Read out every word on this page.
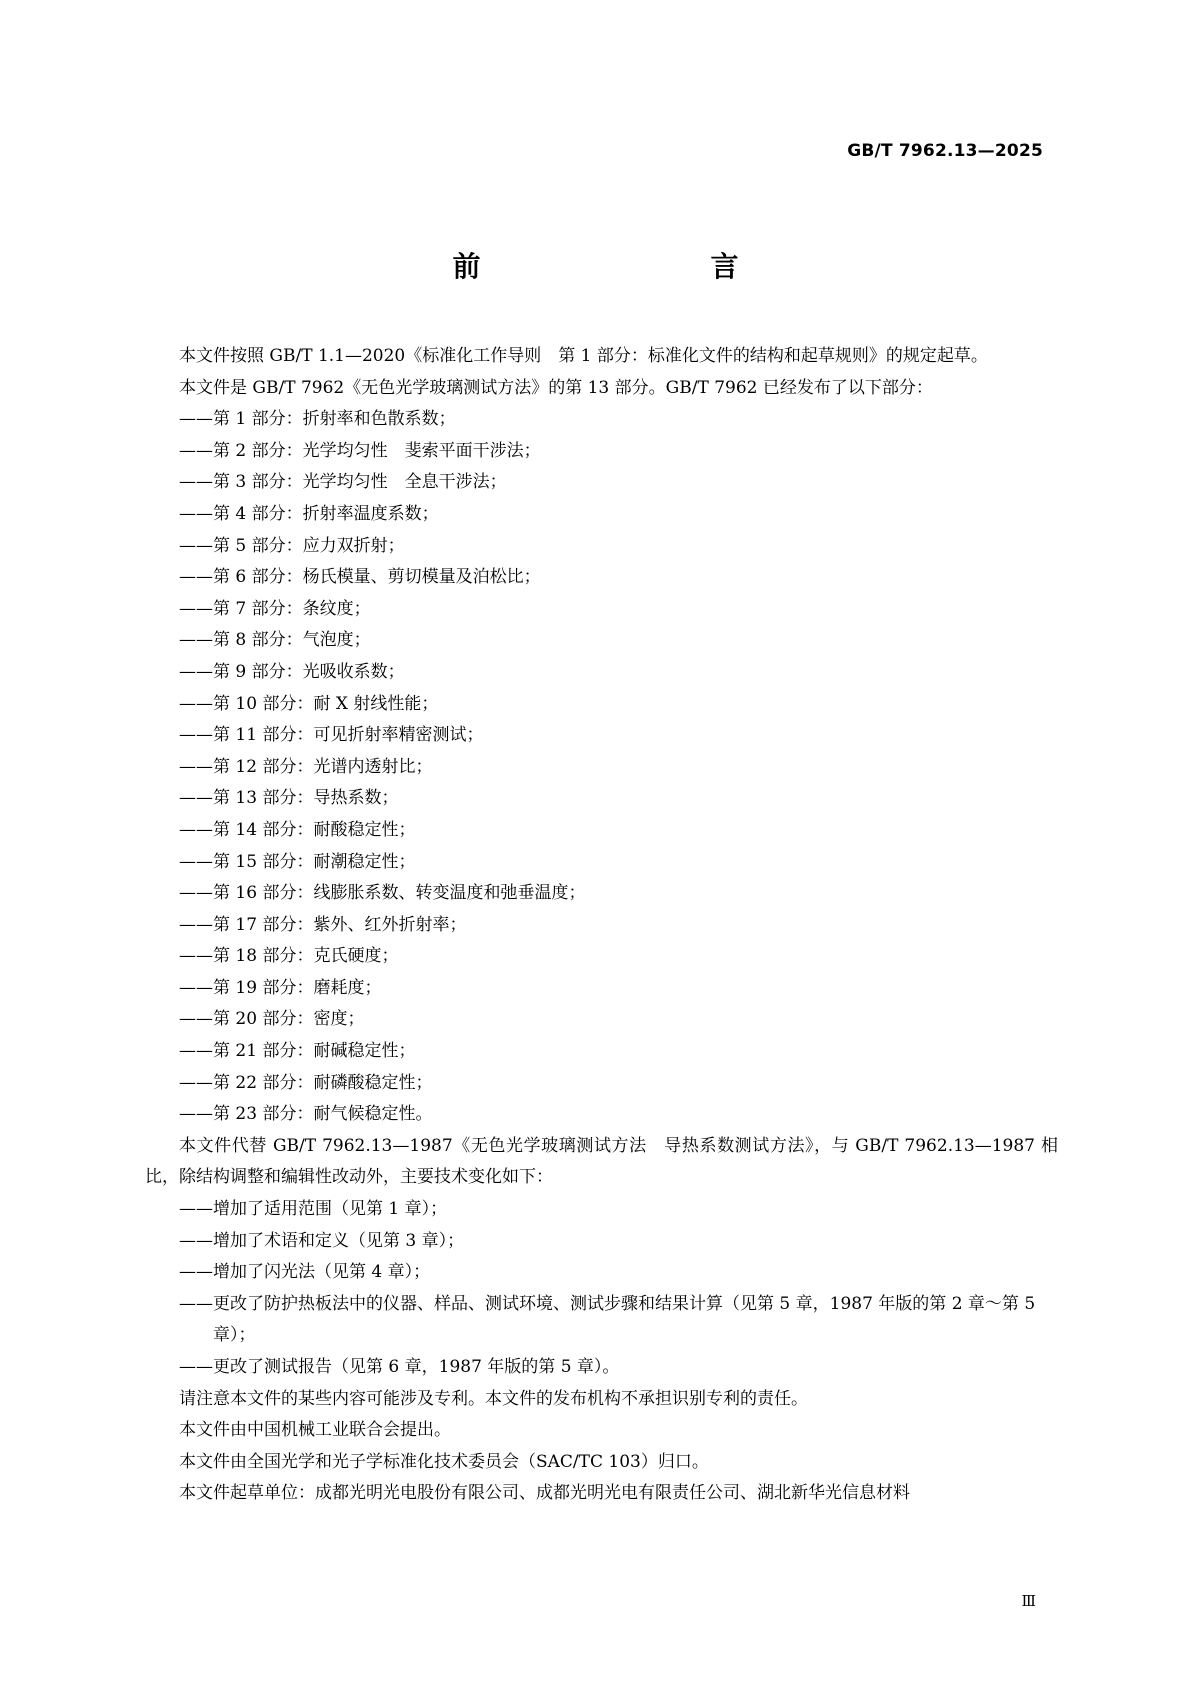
GB/T 7962.13—2025
前　　言

本文件按照 GB/T 1.1—2020《标准化工作导则　第 1 部分：标准化文件的结构和起草规则》的规定起草。

本文件是 GB/T 7962《无色光学玻璃测试方法》的第 13 部分。GB/T 7962 已经发布了以下部分：

——第 1 部分：折射率和色散系数；

——第 2 部分：光学均匀性　斐索平面干涉法；

——第 3 部分：光学均匀性　全息干涉法；

——第 4 部分：折射率温度系数；

——第 5 部分：应力双折射；

——第 6 部分：杨氏模量、剪切模量及泊松比；

——第 7 部分：条纹度；

——第 8 部分：气泡度；

——第 9 部分：光吸收系数；

——第 10 部分：耐 X 射线性能；

——第 11 部分：可见折射率精密测试；

——第 12 部分：光谱内透射比；

——第 13 部分：导热系数；

——第 14 部分：耐酸稳定性；

——第 15 部分：耐潮稳定性；

——第 16 部分：线膨胀系数、转变温度和弛垂温度；

——第 17 部分：紫外、红外折射率；

——第 18 部分：克氏硬度；

——第 19 部分：磨耗度；

——第 20 部分：密度；

——第 21 部分：耐碱稳定性；

——第 22 部分：耐磷酸稳定性；

——第 23 部分：耐气候稳定性。

本文件代替 GB/T 7962.13—1987《无色光学玻璃测试方法　导热系数测试方法》，与 GB/T 7962.13—1987 相比，除结构调整和编辑性改动外，主要技术变化如下：

——增加了适用范围（见第 1 章）；

——增加了术语和定义（见第 3 章）；

——增加了闪光法（见第 4 章）；

——更改了防护热板法中的仪器、样品、测试环境、测试步骤和结果计算（见第 5 章，1987 年版的第 2 章～第 5 章）；

——更改了测试报告（见第 6 章，1987 年版的第 5 章）。

请注意本文件的某些内容可能涉及专利。本文件的发布机构不承担识别专利的责任。

本文件由中国机械工业联合会提出。

本文件由全国光学和光子学标准化技术委员会（SAC/TC 103）归口。

本文件起草单位：成都光明光电股份有限公司、成都光明光电有限责任公司、湖北新华光信息材料

Ⅲ
